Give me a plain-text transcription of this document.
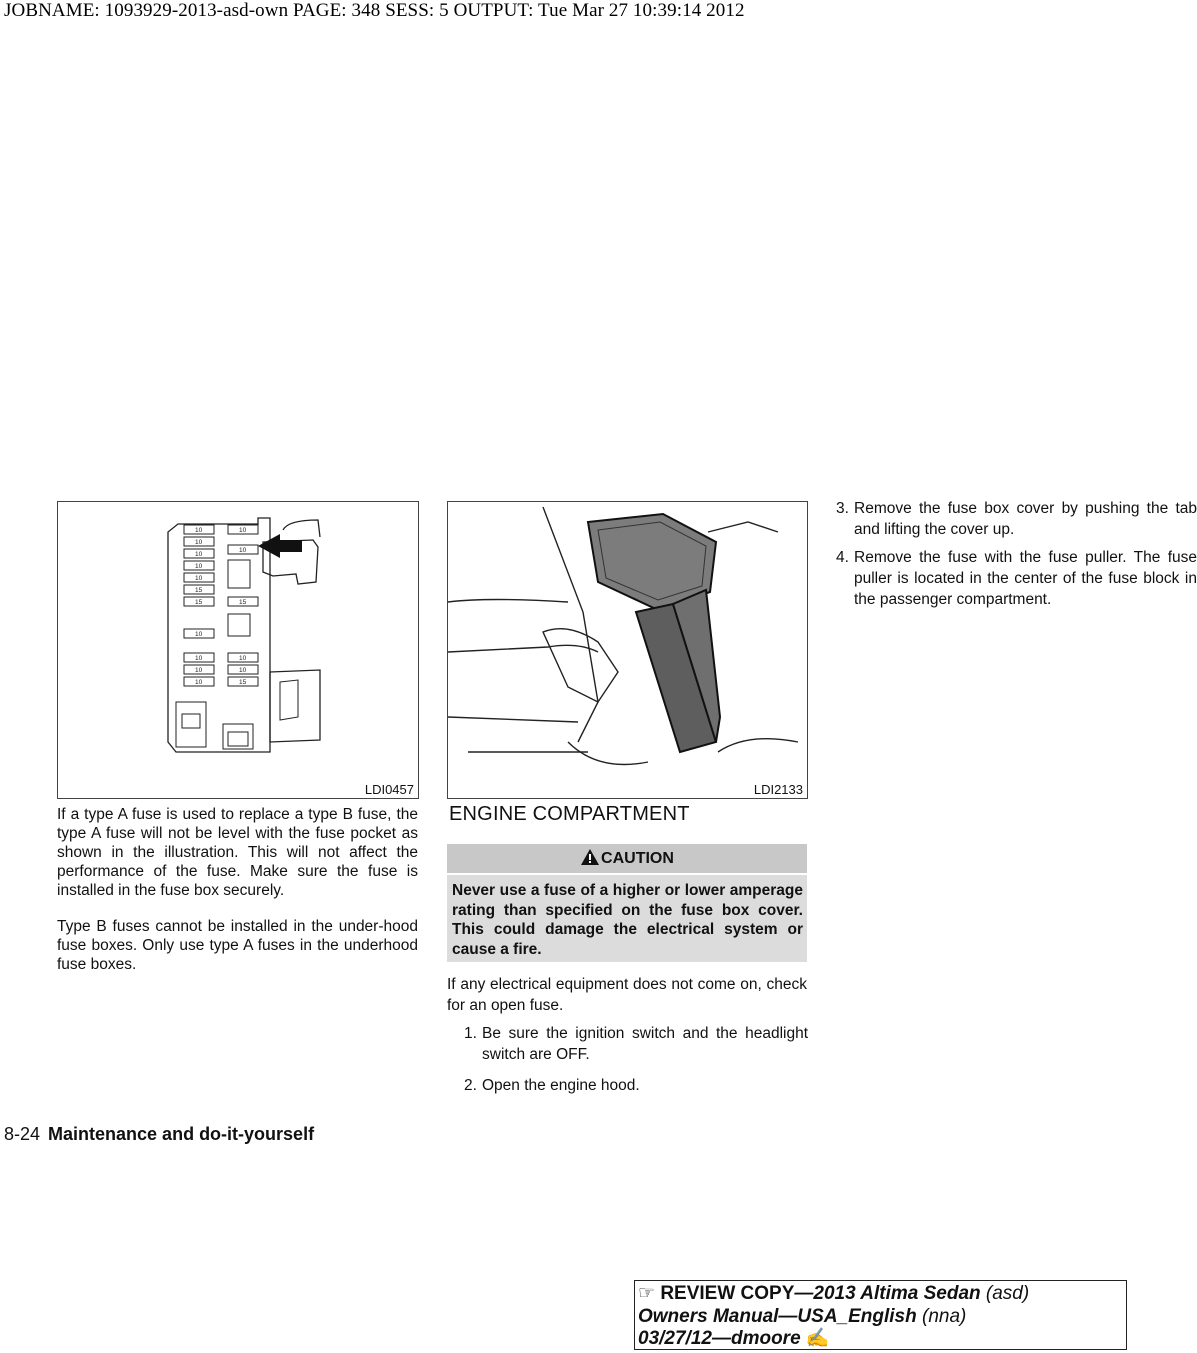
JOBNAME: 1093929-2013-asd-own PAGE: 348 SESS: 5 OUTPUT: Tue Mar 27 10:39:14 2012
10
10
10
10
10
15
15
10
10
10
10
10
10
15
10
10
15
LDI0457	LDI2133

If a type A fuse is used to replace a type B fuse, the type A fuse will not be level with the fuse pocket as shown in the illustration. This will not affect the performance of the fuse. Make sure the fuse is installed in the fuse box securely.

Type B fuses cannot be installed in the under-hood fuse boxes. Only use type A fuses in the underhood fuse boxes.

ENGINE COMPARTMENT
CAUTION

Never use a fuse of a higher or lower amperage rating than specified on the fuse box cover. This could damage the electrical system or cause a fire.

If any electrical equipment does not come on, check for an open fuse.

1. Be sure the ignition switch and the headlight switch are OFF.
2. Open the engine hood.
3. Remove the fuse box cover by pushing the tab and lifting the cover up.
4. Remove the fuse with the fuse puller. The fuse puller is located in the center of the fuse block in the passenger compartment.
8-24 Maintenance and do-it-yourself
☞ REVIEW COPY—2013 Altima Sedan (asd)
Owners Manual—USA_English (nna)
03/27/12—dmoore ✍
